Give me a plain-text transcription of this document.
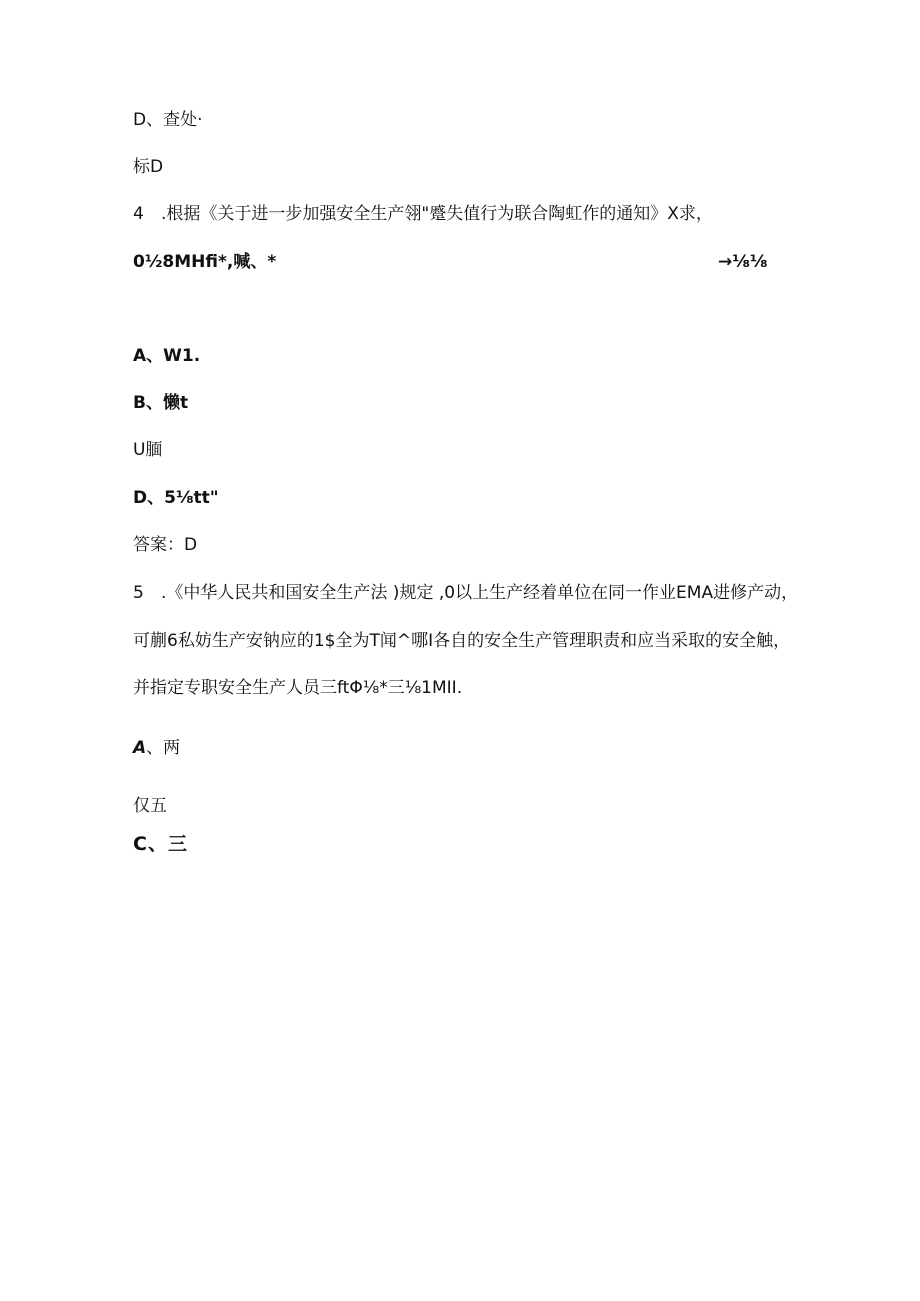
D、查处·
标D
4 .根据《关于进一步加强安全生产翎"蹙失值行为联合陶虹作的通知》X求，
0½8MHfi*,喊、*	→⅛⅛
A、W1.
B、懒t
U腼
D、5⅛tt"
答案：D
5 .《中华人民共和国安全生产法 )规定 ,0以上生产经着单位在同一作业EMA进修产动，
可蒯6私妨生产安钠应的1$全为T闻^哪I各自的安全生产管理职责和应当采取的安全触，
并指定专职安全生产人员三ftΦ⅛*三⅛1MII.
A、两
仅五
C、三
